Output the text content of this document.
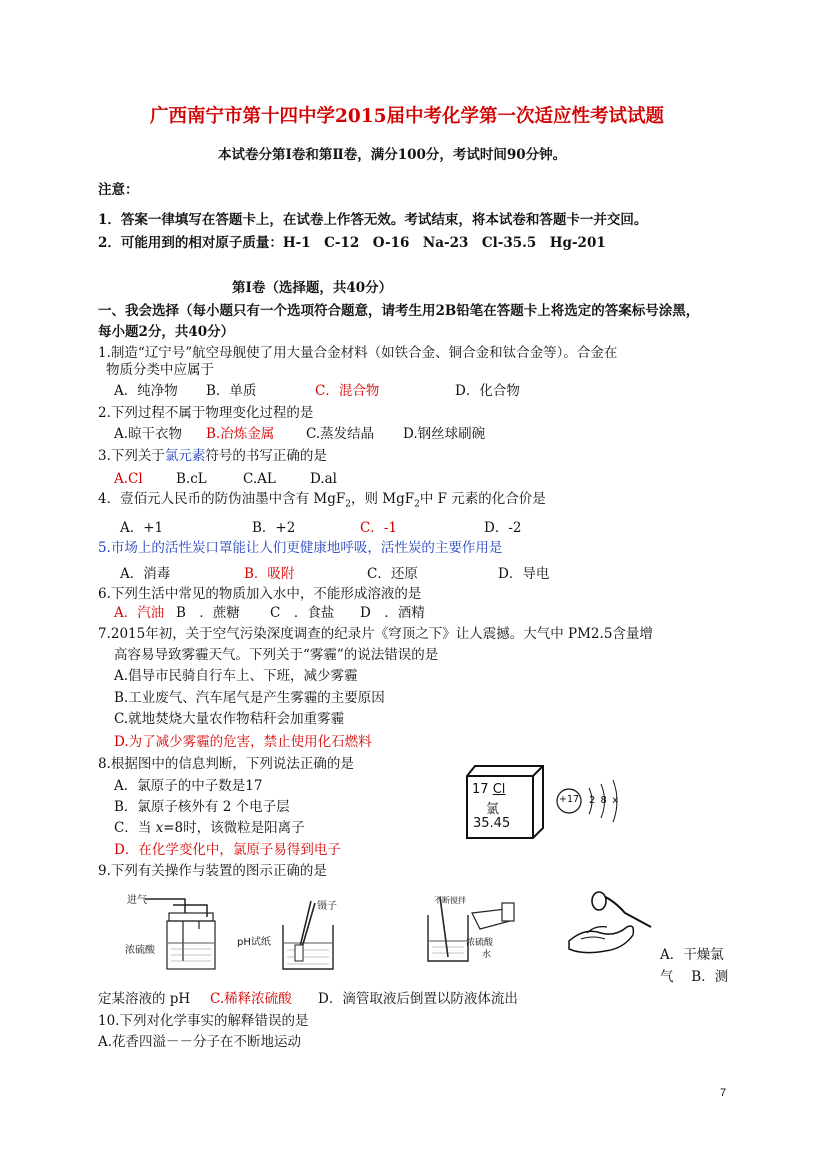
广西南宁市第十四中学2015届中考化学第一次适应性考试试题
本试卷分第Ⅰ卷和第Ⅱ卷，满分100分，考试时间90分钟。
注意：
1．答案一律填写在答题卡上，在试卷上作答无效。考试结束，将本试卷和答题卡一并交回。
2．可能用到的相对原子质量：H-1　C-12　O-16　Na-23　Cl-35.5　Hg-201
第Ⅰ卷（选择题，共40分）
一、我会选择（每小题只有一个选项符合题意，请考生用2B铅笔在答题卡上将选定的答案标号涂黑，
每小题2分，共40分）
1.制造“辽宁号”航空母舰使了用大量合金材料（如铁合金、铜合金和钛合金等）。合金在
物质分类中应属于
A．纯净物 B．单质	C．混合物	D．化合物
2.下列过程不属于物理变化过程的是
A.晾干衣物 B.冶炼金属 C.蒸发结晶 D.钢丝球刷碗
3.下列关于氯元素符号的书写正确的是
A.Cl B.cL	C.AL	D.al
4．壹佰元人民币的防伪油墨中含有 MgF$_2$，则 MgF$_2$中 F 元素的化合价是
A．+1	B．+2	C．-1	D．-2
5.市场上的活性炭口罩能让人们更健康地呼吸，活性炭的主要作用是
A．消毒	B．吸附	C．还原	D．导电
6.下列生活中常见的物质加入水中，不能形成溶液的是
A．汽油 B　．蔗糖 C　．食盐 D　．酒精
7.2015年初，关于空气污染深度调查的纪录片《穹顶之下》让人震撼。大气中 PM2.5含量增
高容易导致雾霾天气。下列关于“雾霾”的说法错误的是
A.倡导市民骑自行车上、下班，减少雾霾
B.工业废气、汽车尾气是产生雾霾的主要原因
C.就地焚烧大量农作物秸秆会加重雾霾
D.为了减少雾霾的危害，禁止使用化石燃料
8.根据图中的信息判断，下列说法正确的是
A．氯原子的中子数是17
B．氯原子核外有 2 个电子层
C．当 x=8时，该微粒是阳离子
D．在化学变化中，氯原子易得到电子
17 Cl
氯
35.45
+17 2 8 x
9.下列有关操作与装置的图示正确的是
进气
浓硫酸
镊子
pH试纸
不断搅拌
浓硫酸
水	A．干燥氯
气　 B．测
定某溶液的 pH C.稀释浓硫酸 D．滴管取液后倒置以防液体流出
10.下列对化学事实的解释错误的是
A.花香四溢－－分子在不断地运动
7
